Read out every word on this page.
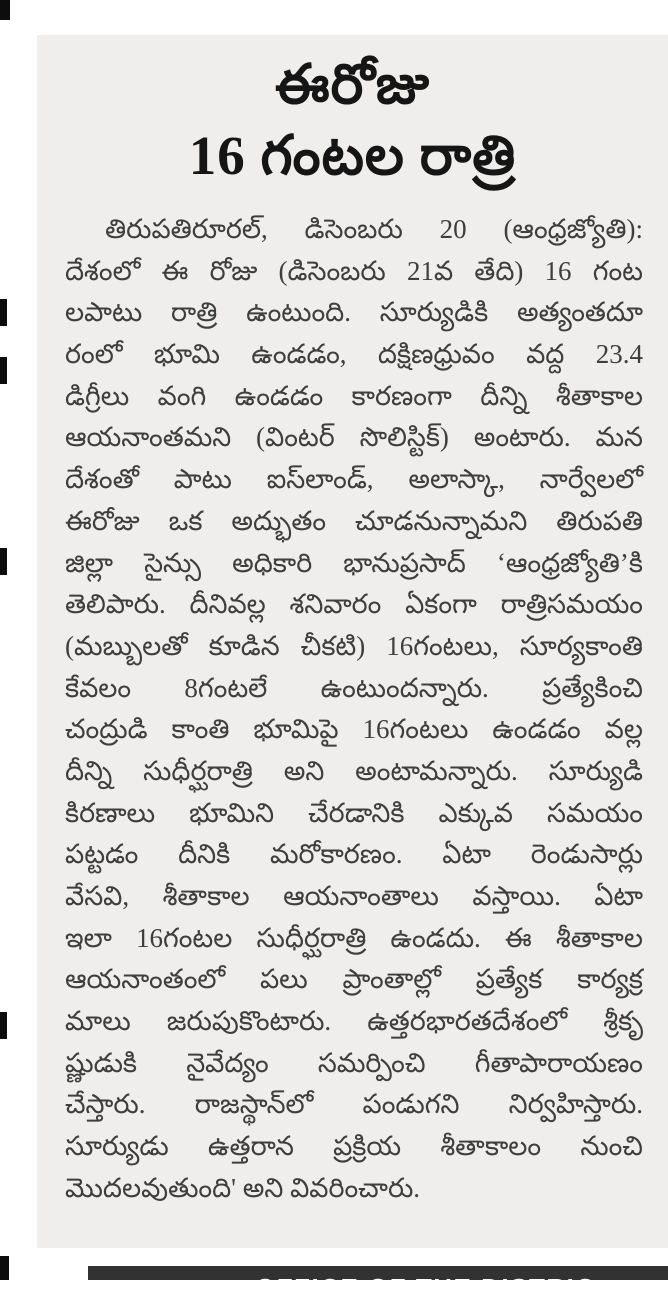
ఈరోజు
16 గంటల రాత్రి
తిరుపతిరూరల్, డిసెంబరు 20 (ఆంధ్రజ్యోతి):
దేశంలో ఈ రోజు (డిసెంబరు 21వ తేది) 16 గంట
లపాటు రాత్రి ఉంటుంది. సూర్యుడికి అత్యంతదూ
రంలో భూమి ఉండడం, దక్షిణధ్రువం వద్ద 23.4
డిగ్రీలు వంగి ఉండడం కారణంగా దీన్ని శీతాకాల
ఆయనాంతమని (వింటర్ సొలిస్టిక్) అంటారు. మన
దేశంతో పాటు ఐస్‌లాండ్, అలాస్కా, నార్వేలలో
ఈరోజు ఒక అద్భుతం చూడనున్నామని తిరుపతి
జిల్లా సైన్సు అధికారి భానుప్రసాద్ ‘ఆంధ్రజ్యోతి’కి
తెలిపారు. దీనివల్ల శనివారం ఏకంగా రాత్రిసమయం
(మబ్బులతో కూడిన చీకటి) 16గంటలు, సూర్యకాంతి
కేవలం 8గంటలే ఉంటుందన్నారు. ప్రత్యేకించి
చంద్రుడి కాంతి భూమిపై 16గంటలు ఉండడం వల్ల
దీన్ని సుధీర్ఘరాత్రి అని అంటామన్నారు. సూర్యుడి
కిరణాలు భూమిని చేరడానికి ఎక్కువ సమయం
పట్టడం దీనికి మరోకారణం. ఏటా రెండుసార్లు
వేసవి, శీతాకాల ఆయనాంతాలు వస్తాయి. ఏటా
ఇలా 16గంటల సుధీర్ఘరాత్రి ఉండదు. ఈ శీతాకాల
ఆయనాంతంలో పలు ప్రాంతాల్లో ప్రత్యేక కార్యక్ర
మాలు జరుపుకొంటారు. ఉత్తరభారతదేశంలో శ్రీకృ
ష్ణుడుకి నైవేద్యం సమర్పించి గీతాపారాయణం
చేస్తారు. రాజస్థాన్‌లో పండుగని నిర్వహిస్తారు.
సూర్యుడు ఉత్తరాన ప్రక్రియ శీతాకాలం నుంచి
మొదలవుతుంది' అని వివరించారు.
OFFICE OF THE DISTRIC
